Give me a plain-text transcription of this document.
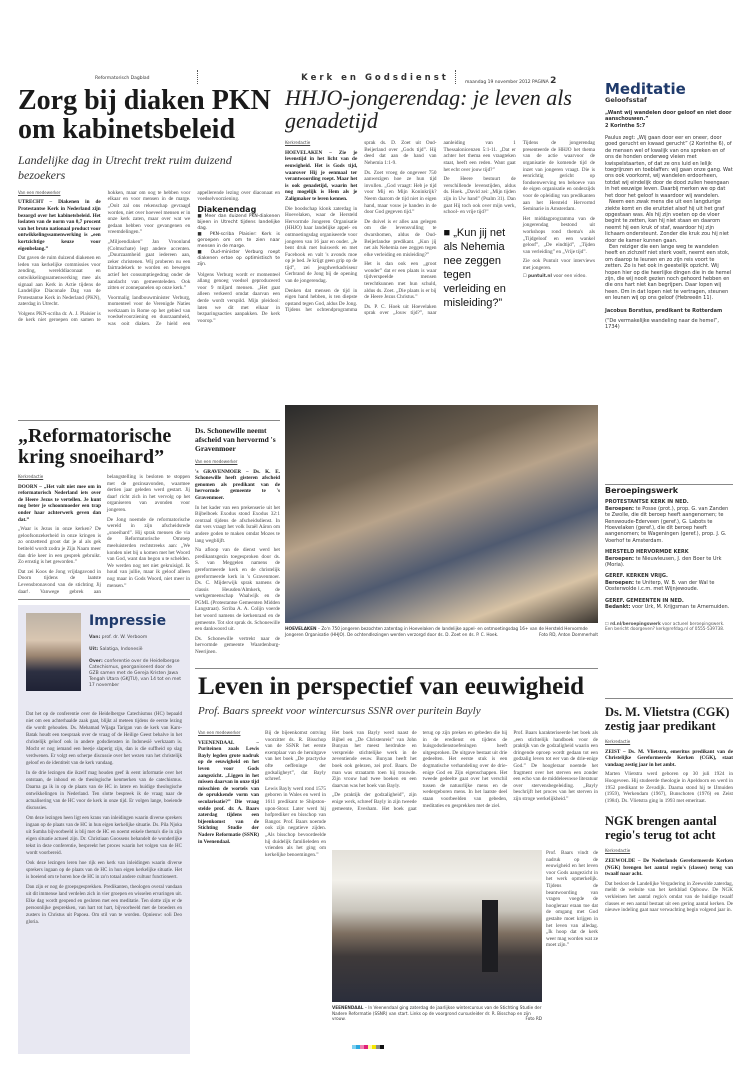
Reformatorisch Dagblad	Kerk en Godsdienst	maandag 19 november 2012 PAGINA 2
Zorg bij diaken PKN om kabinetsbeleid
Landelijke dag in Utrecht trekt ruim duizend bezoekers
Van een medewerker

UTRECHT – Diakenen in de Protestantse Kerk in Nederland zijn bezorgd over het kabinetsbeleid. Het loslaten van de norm van 0,7 procent van het bruto nationaal product voor ontwikkelingssamenwerking is „een kortzichtige keuze voor eigenbelang.”

Dat gaven de ruim duizend diakenen en leden van kerkelijke commissies voor zending, werelddiaconaat en ontwikkelingssamenwerking mee als signaal aan Kerk in Actie tijdens de Landelijke Diaconale Dag van de Protestantse Kerk in Nederland (PKN), zaterdag in Utrecht.

Volgens PKN-scriba dr. A. J. Plaisier is de kerk niet geroepen om samen te hokken, maar om oog te hebben voor elkaar en voor mensen in de marge. „Ooit zal ons rekenschap gevraagd worden, niet over hoeveel mensen er in onze kerk zaten, maar over wat we gedaan hebben voor gevangenen en vreemdelingen.”

„Miljoendiaken” Jan Vroonland (Colmschate) legt andere accenten. „Duurzaamheid gaat iedereen aan, zeker christenen. Wij proberen nu een fairtradekerk te worden en bewegen actief het consumptiegedrag onder de aandacht van gemeenteleden. Ook zitten er zonnepanelen op onze kerk.”

Voormalig landbouwminister Verburg, momenteel voor de Verenigde Naties werkzaam in Rome op het gebied van voedselvoorziening en duurzaamheid, was ooit diaken. Ze hield een appellerende lezing over diaconaat en voedselvoorziening.

Diakenendag
■ Meer dan duizend PKN-diakenen bijeen in Utrecht tijdens landelijke dag.
■ PKN-scriba Plaisier: Kerk is geroepen om om te zien naar mensen in de marge.
■ Oud-minister Verburg roept diakenen ertoe op optimistisch te zijn.

Volgens Verburg wordt er momenteel allang genoeg voedsel geproduceerd voor 9 miljard mensen. „Het gaat alleen verkeerd omdat daarvan een derde wordt verspild. Mijn pleidooi: laten we dit met elkaar in bezparingsacties aanpakken. De kerk voorop.”

HHJO-jongerendag: je leven als genadetijd
Kerkredactie

HOEVELAKEN – Zie je levenstijd in het licht van de eeuwigheid. Het is Gods tijd, waarover Hij je eenmaal ter verantwoording roept. Maar het is ook genadetijd, waarin het nog mogelijk is Hem als je Zaligmaker te leren kennen.

Die boodschap klonk zaterdag in Hoevelaken, waar de Hersteld Hervormde Jongeren Organisatie (HHJO) haar landelijke appel- en ontmoetingsdag organiseerde voor jongeren van 16 jaar en ouder. „Je bent druk met huiswerk en met Facebook en valt 's avonds moe op je bed. Je krijgt geen grip op de tijd”, zei jeugdwerkadviseur Gerbrand de Jong bij de opening van de jongerendag.

Denken dat mensen de tijd in eigen hand hebben, is ten diepste opstand tegen God, aldus De Jong. Tijdens het ochtendprogramma sprak ds. D. Zoet uit Oud-Beijerland over „Gods tijd”. Hij deed dat aan de hand van Nehemia 1:1-9.

Ds. Zoet vroeg de ongeveer 750 aanwezigen hoe ze hun tijd invullen. „God vraagt: Heb je tijd voor Mij en Mijn Koninkrijk? Neem daarom de tijd niet in eigen hand, maar vouw je handen in de door God gegeven tijd.”

De duivel is er alles aan gelegen om die levensvulling te dwarsbomen, aldus de Oud-Beijerlandse predikant. „Kun jij net als Nehemia nee zeggen tegen elke verleiding en misleiding?”

Het is dan ook een „groot wonder” dat er een plaats is waar tijdverspeelde mensen terechtkunnen met hun schuld, aldus ds. Zoet. „Die plaats is er bij de Heere Jezus Christus.”

Ds. P. C. Hoek uit Hoevelaken sprak over „Jouw tijd?”, naar aanleiding van 1 Thessalonicenzen 5:1-11. „Dat er achter het thema een vraagteken staat, heeft een reden. Want gaat het echt over jouw tijd?”

De Heere bestuurt de verschillende levenstijden, aldus ds. Hoek. „David zei: „Mijn tijden zijn in Uw hand” (Psalm 31). Dan gaat Hij toch ook over mijn werk, school- en vrije tijd?”

■ „Kun jij net als Nehemia nee zeggen tegen verleiding en misleiding?”

Tijdens de jongerendag presenteerde de HHJO het thema van de actie waarvoor de organisatie de komende tijd de inzet van jongeren vraagt. Die is eenrichtig gericht op fondsenwerving ten behoeve van de eigen organisatie en onderzijds voor de opleiding van predikanten aan het Hersteld Hervormd Seminarie in Amsterdam.

Het middagprogramma van de jongerendag bestond uit workshops rond thema's als „Tijdgeloof en een wankel geloof”, „De eindtijd”, „Tijden van verleiding” en „Vrije tijd”.

Zie ook Puntuit voor interviews met jongeren.

☐ puntuit.nl voor een video.

HOEVELAKEN – Zo'n 750 jongeren bezochten zaterdag in Hoevelaken de landelijke appel- en ontmoetingsdag 16+ van de Hersteld Hervormde Jongeren Organisatie (HHJO). De ochtendlezingen werden verzorgd door ds. D. Zoet en ds. P. C. Hoek.	Foto RD, Anton Dommerholt
Meditatie
Geloofsstaf
„Want wij wandelen door geloof en niet door aanschouwen.”
2 Korinthe 5:7

Paulus zegt: „Wij gaan door eer en oneer, door goed gerucht en kwaad gerucht” (2 Korinthe 6), of de mensen wel of kwalijk van ons spreken en of ons de honden onderweg vleien met kwispelstaarten, of dat ze ons luid en lelijk toegrijnzen en toeblaffen: wij gaan onze gang. Wat ons ook voorkomt, wij wandelen erdoorheen, totdat wij eindelijk door de dood zullen heengaan in het eeuwige leven. Daarbij merken we op dat het door het geloof is waardoor wij wandelen.

Neem een zwak mens die uit een langdurige ziekte komt en die eruitziet alsof hij uit het graf opgestaan was. Als hij zijn voeten op de vloer begint te zetten, kan hij niet staan en daarom neemt hij een kruk of staf, waardoor hij zijn lichaam ondersteunt. Zonder die kruk zou hij niet door de kamer kunnen gaan.

Een reiziger die een lange weg te wandelen heeft en zichzelf niet sterk voelt, neemt een stok, om daarop te leunen en zo zijn reis voort te zetten. Zo is het ook in geestelijk opzicht. Wij hopen hier op die heerlijke dingen die in de hemel zijn, die wij nooit gezien noch gehoord hebben en die ons hart niet kan begrijpen. Daar lopen wij heen. Om in dat lopen niet te vertragen, steunen en leunen wij op ons geloof (Hebreeën 11).

Jacobus Borstius, predikant te Rotterdam

(“De vermakelijke wandeling naar de hemel”, 1734)

Beroepingswerk
PROTESTANTSE KERK IN NED.
Beroepen: te Posse (prot.), prop. G. van Zanden te Zwolle, die dit beroep heeft aangenomen; te Renswoude-Ederveen (geref.), G. Labots te Hoevelaken (geref.), die dit beroep heeft aangenomen; te Wageningen (geref.), prop. J. G. Voerhof te Amsterdam.
HERSTELD HERVORMDE KERK
Beroepen: te Nieuwleusen, J. den Boer te Urk (Moria).
GEREF. KERKEN VRIJG.
Beroepen: te Uniterp, W. B. van der Wal te Oosterwolde i.c.m. met Wijnjewoude.
GEREF. GEMEENTEN IN NED.
Bedankt: voor Urk, M. Krijgsman te Arnemuiden.
☐ rd.nl/beroepingswerk voor actueel beroepingswerk. Een bericht doorgeven? kerk@refdag.nl of 0555-539738.
Ds. M. Vlietstra (CGK) zestig jaar predikant
Kerkredactie

ZEIST – Ds. M. Vlietstra, emeritus predikant van de Christelijke Gereformeerde Kerken (CGK), staat vandaag zestig jaar in het ambt.

Marten Vlietstra werd geboren op 30 juli 1924 in Hoogeveen. Hij studeerde theologie in Apeldoorn en werd in 1952 predikant te Zevadijk. Daarna stond hij te IJmuiden (1959), Werkendam (1967), Bunschoten (1976) en Zeist (1984). Ds. Vlietstra ging in 1993 met emeritaat.

NGK brengen aantal regio's terug tot acht
Kerkredactie

ZEEWOLDE – De Nederlands Gereformeerde Kerken (NGK) brengen het aantal regio's (classes) terug van twaalf naar acht.

Dat besloot de Landelijke Vergadering in Zeewolde zaterdag, meldt de website van het kerkblad Opbouw. De NGK verkleinen het aantal regio's omdat van de huidige twaalf classes er een aantal bestaat uit een gering aantal kerken. De nieuwe indeling gaat naar verwachting begin volgend jaar in.

„Reformatorische kring snoeihard”
Kerkredactie

DOORN – „Het valt niet mee om in reformatorisch Nederland iets over de Heere Jezus te vertellen. Je kunt nog beter je schoonmoeder een trap onder haar achterwerk geven dan dat.”

„Waar is Jezus in onze kerken? De geloofsonzekerheid in onze kringen is zo ontzettend groot dat je al als gek betiteld wordt zodra je Zijn Naam meer dan drie keer in een gesprek gebruikt. Zo ernstig is het geworden.”

Dat zei Koos de Jong vrijdagavond in Doorn tijdens de laatste Levensbronavond van de stichting Jij daar!. Vanwege gebrek aan belangstelling is besloten te stoppen met de gezinsavonden, waarmee dertien jaar geleden werd gestart. Jij daar! richt zich in het vervolg op het organiseren van avonden voor jongeren.

De Jong noemde de reformatorische wereld in zijn afscheidsrede „snoeihard”. Hij sprak mensen die via de Reformatorische Omroep meeluisterden rechtstreeks aan: „We konden niet bij u komen met het Woord van God, want dan begon u te schelden. We werden nog net niet gekruisigd. Ik houd van jullie, maar ik geloof alleen nog maar in Gods Woord, niet meer in mensen.”

Impressie
Van: prof. dr. W. Verboom
Uit: Salatiga, Indonesië
Over: conferentie over de Heidelbergse Catechismus, georganiseerd door de GZB samen met de Gereja Kristen Jawa Tengah Utara (GKJTU), van 14 tot en met 17 november

Dat het op de conferentie over de Heidelbergse Catechismus (HC) bepaald niet om een achterhaalde zaak gaat, blijkt al meteen tijdens de eerste lezing die wordt gehouden. Ds. Mehamad Wijaga Tarigan van de kerk van Karo-Batak houdt een toespraak over de vraag of de Heilige Geest behalve in het christelijk geloof ook in andere godsdiensten in Indonesië werkzaam is. Mocht er nog iemand een beetje slaperig zijn, dan is die suffheid op slag verdwenen. Er volgt een scherpe discussie over het wezen van het christelijk geloof en de identiteit van de kerk vandaag.

In de drie lezingen die ikzelf mag houden geef ik eerst informatie over het ontstaan, de inhoud en de theologische kenmerken van de catechismus. Daarna ga ik in op de plaats van de HC in latere en huidige theologische ontwikkelingen in Nederland. Ten slotte bespreek ik de vraag naar de actualisering van de HC voor de kerk in onze tijd. Er volgen lange, boeiende discussies.

Om deze lezingen heen ligt een krans van inleidingen waarin diverse sprekers ingaan op de plaats van de HC in hun eigen kerkelijke situatie. Ds. Pila Njoka uit Sumba bijvoorbeeld is blij met de HC en noemt enkele thema's die in zijn eigen situatie actueel zijn. Dr. Christiaan Goossens behandelt de wonderlijke tekst in deze conferentie, bespreekt het proces waarin het volgen van de HC wordt voorbereid.

Ook deze lezingen leren hoe rijk een kerk van inleidingen waarin diverse sprekers ingaan op de plaats van de HC in hun eigen kerkelijke situatie. Het is boeiend om te horen hoe de HC in zo'n totaal andere cultuur functioneert.

Dan zijn er nog de groepsgesprekken. Predikanten, theologen overal vandaan uit dit immense land verdelen zich in vier groepen en wisselen ervaringen uit. Elke dag wordt geopend en gesloten met een meditatie. Ten slotte zijn er de persoonlijke gesprekken, van hart tot hart, bijvoorbeeld met de broeders en zusters in Christus uit Papoea. Om stil van te worden. Opnieuw: soli Deo gloria.

Ds. Schonewille neemt afscheid van hervormd 's Gravenmoer
Van een medewerker

's GRAVENMOER – Ds. K. E. Schonewille heeft gisteren afscheid genomen als predikant van de hervormde gemeente te 's Gravenmoer.

In het kader van een prekenserie uit het Bijbelboek Exodus stond Exodus 32:1 centraal tijdens de afscheidsdienst. In dat vers vraagt het volk Israël Aäron om andere goden te maken omdat Mozes te lang wegblijft.

Na afloop van de dienst werd het predikantsgezin toegesproken door ds. S. van Meggelen namens de gereformeerde kerk en de christelijk gereformeerde kerk in 's Gravenmoer. Ds. C. Mijderwijk sprak namens de classis Heusden/Almkerk, de werkgemeenschap Waalwijk en de PGML (Protestantse Gemeenten Midden Langstraat). Scriba A. A. Colijn voerde het woord namens de kerkenraad en de gemeente. Tot slot sprak ds. Schonewille een dankwoord uit.

Ds. Schonewille vertrekt naar de hervormde gemeente Waardenburg-Neerijnen.

Leven in perspectief van eeuwigheid
Prof. Baars spreekt voor wintercursus SSNR over puritein Bayly
Van een medewerker

VEENENDAAL – Puriteinen zoals Lewis Bayly legden grote nadruk op de eeuwigheid en het leven voor Gods aangezicht. „Liggen in het missen daarvan in onze tijd misschien de wortels van de oprukkende vorm van secularisatie?” Die vraag stelde prof. dr. A. Baars zaterdag tijdens een bijeenkomst van de Stichting Studie der Nadere Reformatie (SSNR) in Veenendaal.

Bij de bijeenkomst ontving voorzitter ds. R. Bisschop van de SSNR het eerste exemplaar van de heruitgave van het boek „De practycke ofte oeffeninge der godsaligheyt”, dat Bayly schreef.

Lewis Bayly werd rond 1575 geboren in Wales en werd in 1611 predikant te Shipston-upon-Stour. Later werd hij hofprediker en bisschop van Bangor. Prof. Baars noemde ook zijn negatieve zijden. „Als bisschop bevoordeelde hij duidelijk familieleden en vrienden als het ging om kerkelijke benoemingen.”

Het boek van Bayly werd naast de Bijbel en „De Christenreis” van John Bunyan het meest herdrukte en verspreide stichtelijke werk in de zeventiende eeuw. Bunyan heeft het boek ook gelezen, zei prof. Baars. De man was straatarm toen hij trouwde. Zijn vrouw had twee boeken en een daarvan was het boek van Bayly.

„De praktijk der godzaligheid”, zijn enige werk, schreef Bayly in zijn tweede gemeente, Evesham. Het boek gaat terug op zijn preken en gebeden die hij in de eredienst en tijdens de huisgodsdienstoefeningen heeft uitgesproken. De uitgave bestaat uit drie gedeelten. Het eerste stuk is een dogmatische verhandeling over de drie-enige God en Zijn eigenschappen. Het tweede gedeelte gaat over het verschil tussen de natuurlijke mens en de wedergeboren mens. In het laatste deel staan voorbeelden van gebeden, meditaties en gesprekken met de ziel.

Prof. Baars karakteriseerde het boek als „een stichtelijk handboek voor de praktijk van de godzaligheid waarin een dringende oproep wordt gedaan tot een godzalig leven tot eer van de drie-enige God.” De hoogleraar noemde het fragment over het sterven een zonder een echo van de middeleeuwse literatuur over stervensbegeleiding. „Bayly beschrijft het proces van het sterven in zijn stroge werkelijkheid.”

Prof. Baars vindt de nadruk op de eeuwigheid en het leven voor Gods aangezicht in het werk opmerkelijk. Tijdens de beantwoording van vragen voegde de hoogleraar eraan toe dat de omgang met God gestalte moet krijgen in het leven van alledag. „Ik hoop dat de kerk weer mag worden wat ze moet zijn.”

VEENENDAAL – In Veenendaal ging zaterdag de jaarlijkse wintercursus van de Stichting Studie der Nadere Reformatie (SSNR) van start. Links op de voorgrond cursusleider dr. R. Bisschop en zijn vrouw.	Foto RD
